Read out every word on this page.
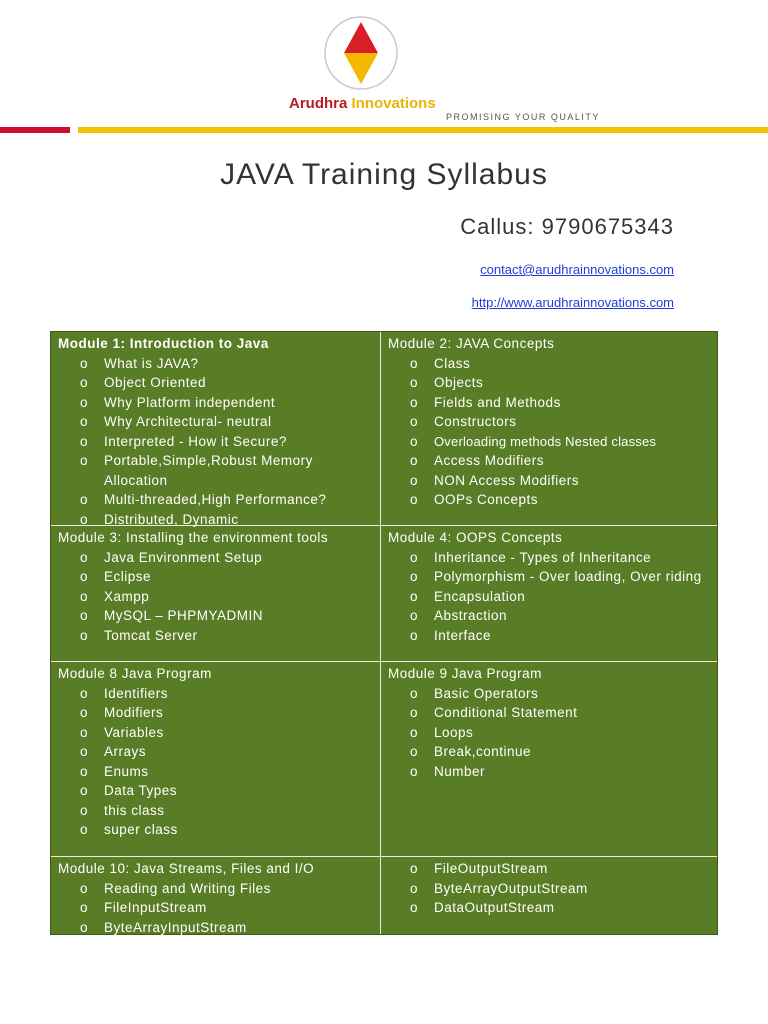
Arudhra Innovations
PROMISING YOUR QUALITY
JAVA Training Syllabus
Callus: 9790675343
contact@arudhrainnovations.com
http://www.arudhrainnovations.com
Module 1: Introduction to Java
o What is JAVA?
o Object Oriented
o Why Platform independent
o Why Architectural- neutral
o Interpreted - How it Secure?
o Portable,Simple,Robust Memory Allocation
o Multi-threaded,High Performance?
o Distributed, Dynamic
Module 2: JAVA Concepts
o Class
o Objects
o Fields and Methods
o Constructors
o Overloading methods Nested classes
o Access Modifiers
o NON Access Modifiers
o OOPs Concepts
Module 3: Installing the environment tools
o Java Environment Setup
o Eclipse
o Xampp
o MySQL – PHPMYADMIN
o Tomcat Server
Module 4: OOPS Concepts
o Inheritance - Types of Inheritance
o Polymorphism - Over loading, Over riding
o Encapsulation
o Abstraction
o Interface
Module 8 Java Program
o Identifiers
o Modifiers
o Variables
o Arrays
o Enums
o Data Types
o this class
o super class
Module 9 Java Program
o Basic Operators
o Conditional Statement
o Loops
o Break,continue
o Number
Module 10: Java Streams, Files and I/O
o Reading and Writing Files
o FileInputStream
o ByteArrayInputStream
o FileOutputStream
o ByteArrayOutputStream
o DataOutputStream
